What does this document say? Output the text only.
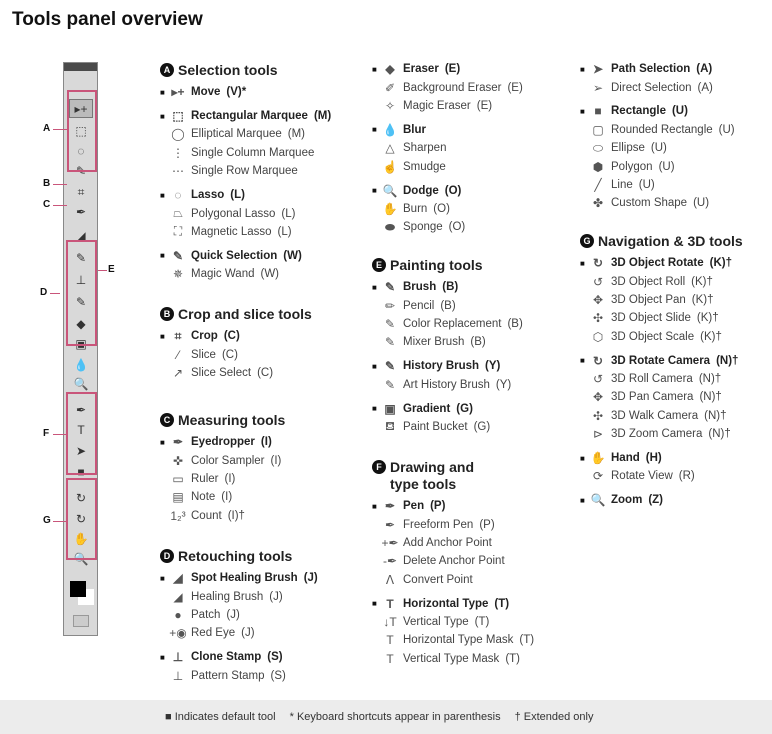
Tools panel overview
▸+
⬚
◌
✎
⌗
✒
◢
✎
⊥
✎
◆
▣
💧
🔍
✒
T
➤
■
↻
↻
✋
🔍
A Selection tools
■ ▸+ Move (V)*
■ ⬚ Rectangular Marquee (M)
◯ Elliptical Marquee (M)
⋮ Single Column Marquee
⋯ Single Row Marquee
■ ◌ Lasso (L)
⏢ Polygonal Lasso (L)
⛶ Magnetic Lasso (L)
■ ✎ Quick Selection (W)
✵ Magic Wand (W)
B Crop and slice tools
■ ⌗ Crop (C)
⁄	Slice (C)
↗ Slice Select (C)
C Measuring tools
■ ✒ Eyedropper (I)
✜ Color Sampler (I)
▭ Ruler (I)
▤ Note (I)
1₂³ Count (I)†
D Retouching tools
■ ◢ Spot Healing Brush (J)
◢ Healing Brush (J)
● Patch (J)
+◉ Red Eye (J)
■ ⊥ Clone Stamp (S)
⊥ Pattern Stamp (S)
■ ◆ Eraser (E)
✐ Background Eraser (E)
✧ Magic Eraser (E)
■ 💧 Blur
△ Sharpen
☝ Smudge
■ 🔍 Dodge (O)
✋ Burn (O)
⬬ Sponge (O)
E Painting tools
■ ✎ Brush (B)
✏ Pencil (B)
✎ Color Replacement (B)
✎ Mixer Brush (B)
■ ✎ History Brush (Y)
✎ Art History Brush (Y)
■ ▣ Gradient (G)
⛾ Paint Bucket (G)
F Drawing and type tools
■ ✒ Pen (P)
✒ Freeform Pen (P)
+✒ Add Anchor Point
-✒ Delete Anchor Point
ᐱ Convert Point
■ T Horizontal Type (T)
↓T Vertical Type (T)
T Horizontal Type Mask (T)
T Vertical Type Mask (T)
■ ➤ Path Selection (A)
➢ Direct Selection (A)
■ ■ Rectangle (U)
▢ Rounded Rectangle (U)
⬭ Ellipse (U)
⬢ Polygon (U)
╱ Line (U)
✤ Custom Shape (U)
G Navigation & 3D tools
■ ↻ 3D Object Rotate (K)†
↺ 3D Object Roll (K)†
✥ 3D Object Pan (K)†
✣ 3D Object Slide (K)†
⬡ 3D Object Scale (K)†
■ ↻ 3D Rotate Camera (N)†
↺ 3D Roll Camera (N)†
✥ 3D Pan Camera (N)†
✣ 3D Walk Camera (N)†
⊳ 3D Zoom Camera (N)†
■ ✋ Hand (H)
⟳ Rotate View (R)
■ 🔍 Zoom (Z)
■ Indicates default tool * Keyboard shortcuts appear in parenthesis † Extended only
A
B
C
D
E
F
G
